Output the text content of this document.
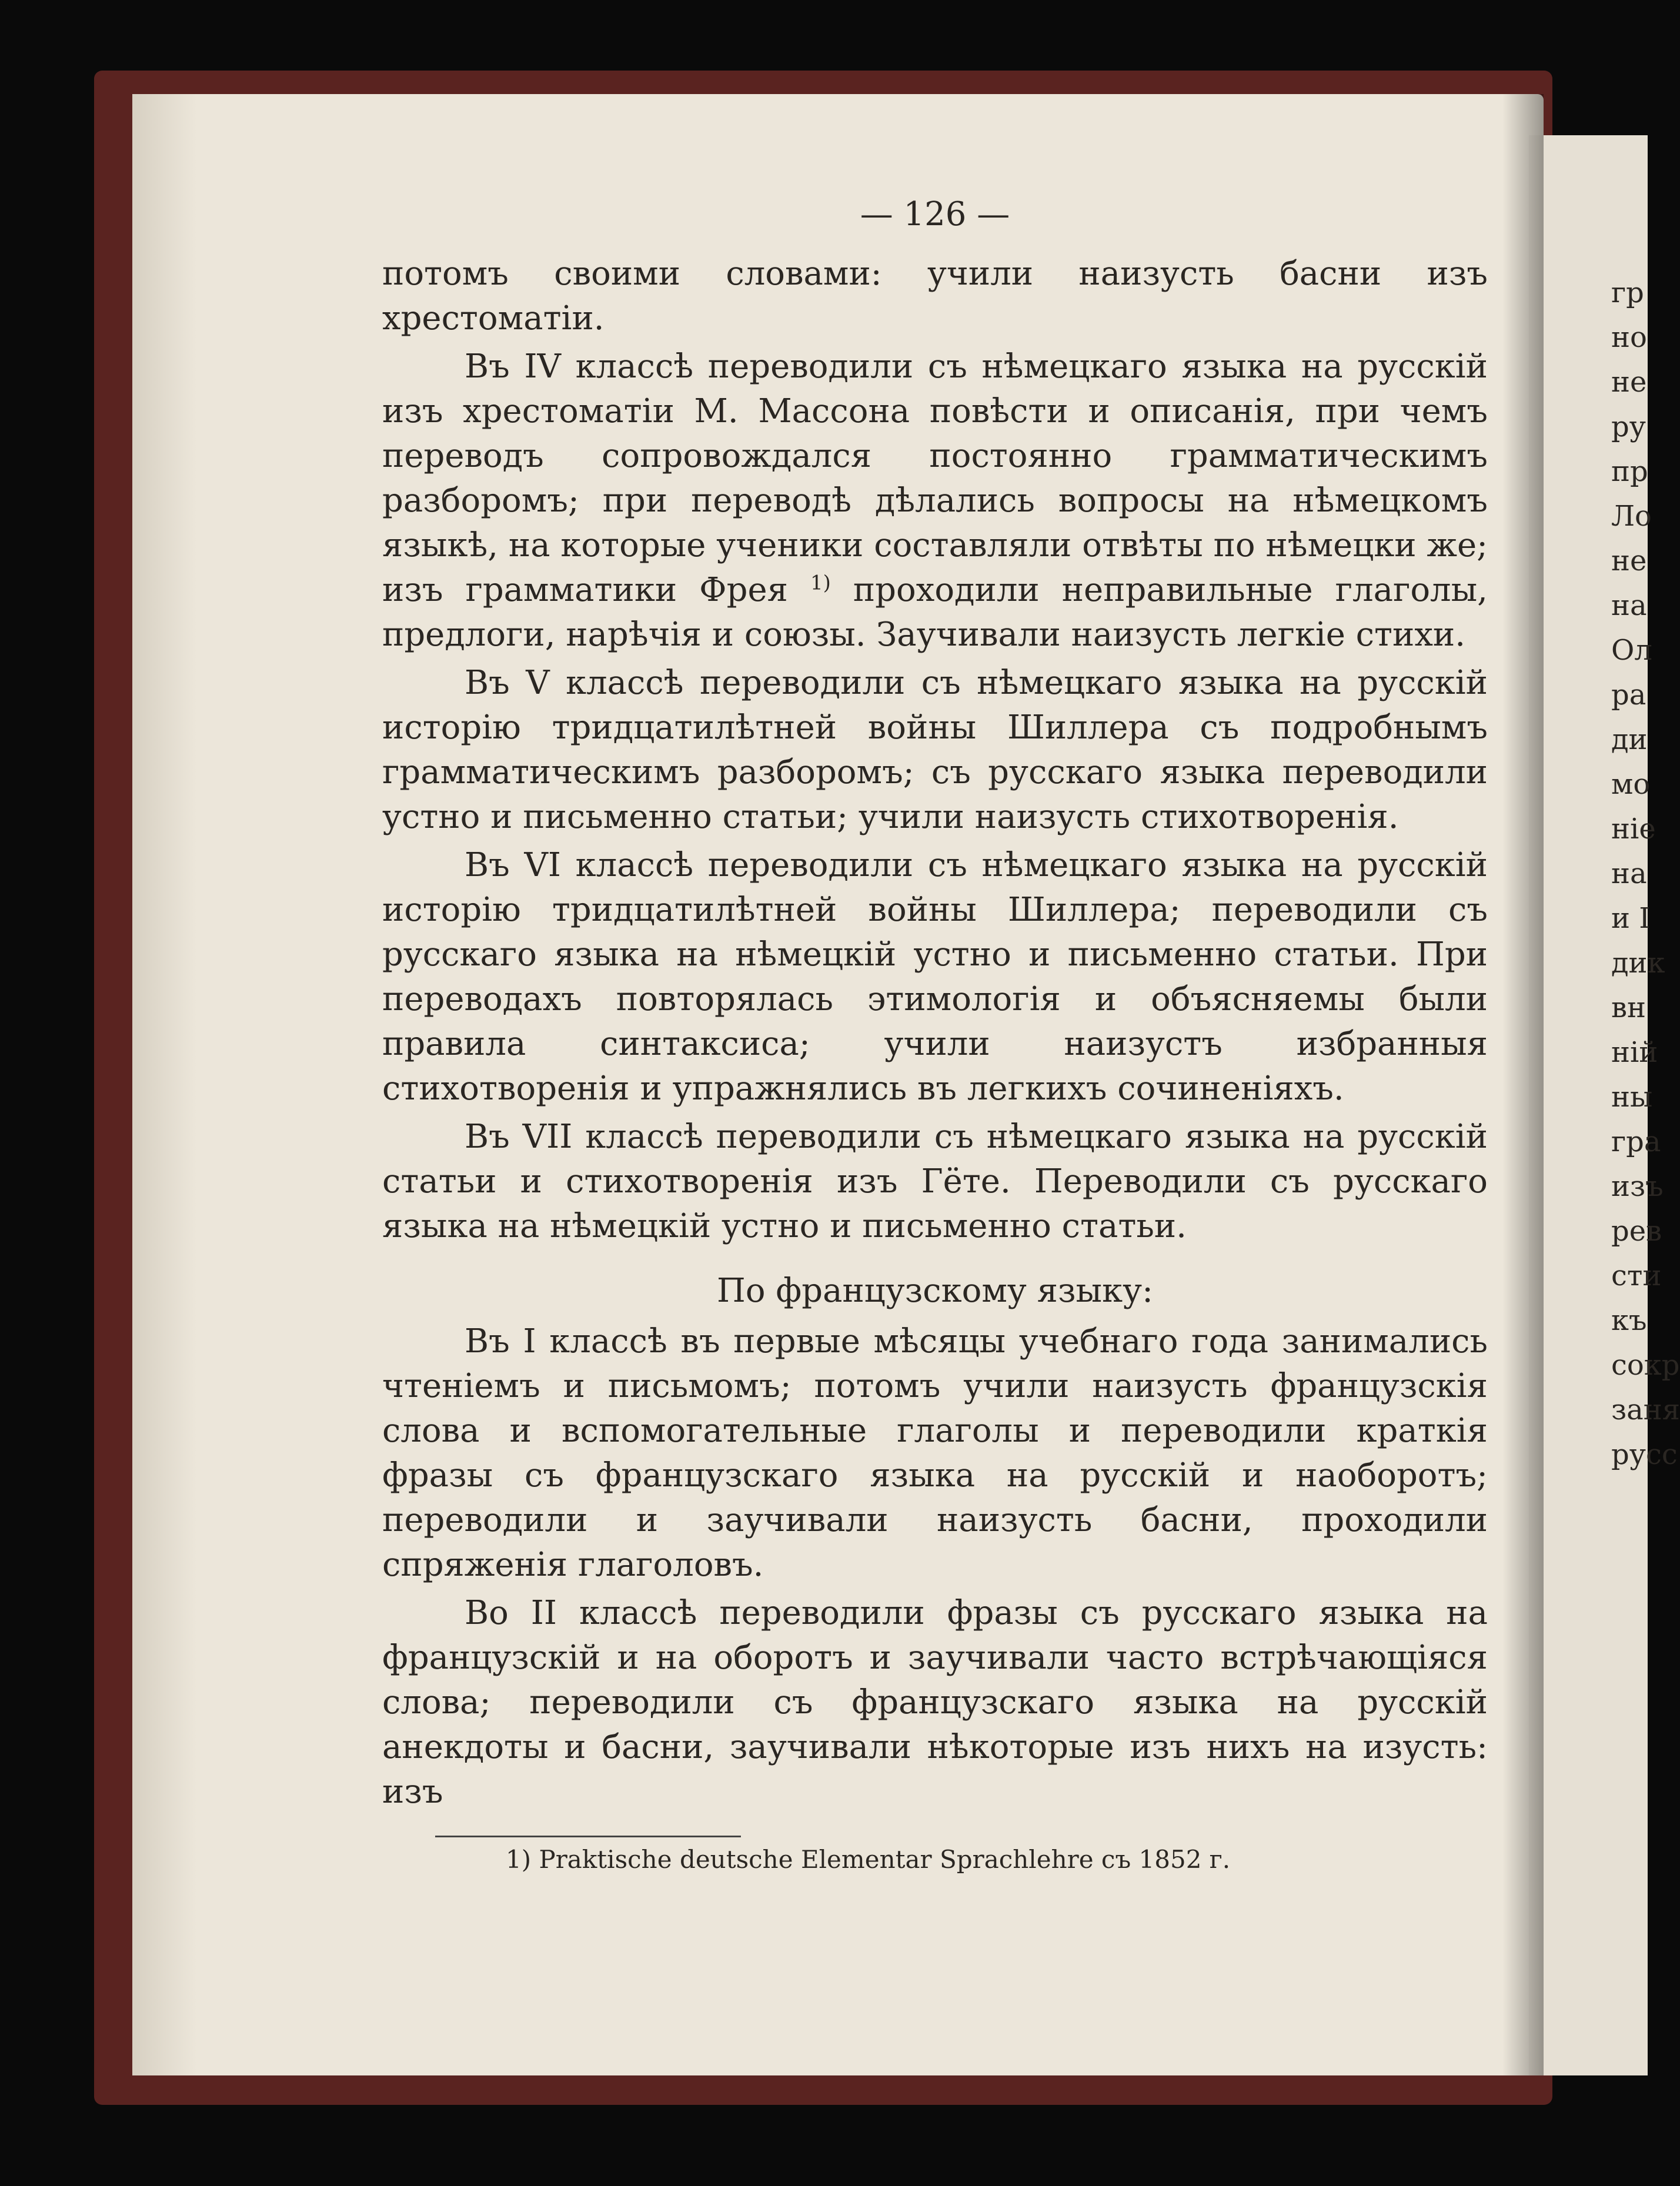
— 126 —

потомъ своими словами: учили наизусть басни изъ хрестоматіи.

Въ IV классѣ переводили съ нѣмецкаго языка на русскій изъ хрестоматіи М. Массона повѣсти и описанія, при чемъ переводъ сопровождался постоянно грамматическимъ разборомъ; при переводѣ дѣлались вопросы на нѣмецкомъ языкѣ, на которые ученики составляли отвѣты по нѣмецки же; изъ грамматики Фрея $^{1)}$ проходили неправильные глаголы, предлоги, нарѣчія и союзы. Заучивали наизусть легкіе стихи.

Въ V классѣ переводили съ нѣмецкаго языка на русскій исторію тридцатилѣтней войны Шиллера съ подробнымъ грамматическимъ разборомъ; съ русскаго языка переводили устно и письменно статьи; учили наизусть стихотворенія.

Въ VI классѣ переводили съ нѣмецкаго языка на русскій исторію тридцатилѣтней войны Шиллера; переводили съ русскаго языка на нѣмецкій устно и письменно статьи. При переводахъ повторялась этимологія и объясняемы были правила синтаксиса; учили наизустъ избранныя стихотворенія и упражнялись въ легкихъ сочиненіяхъ.

Въ VII классѣ переводили съ нѣмецкаго языка на русскій статьи и стихотворенія изъ Гёте. Переводили съ русскаго языка на нѣмецкій устно и письменно статьи.

По французскому языку:

Въ I классѣ въ первые мѣсяцы учебнаго года занимались чтеніемъ и письмомъ; потомъ учили наизусть французскія слова и вспомогательные глаголы и переводили краткія фразы съ французскаго языка на русскій и наоборотъ; переводили и заучивали наизусть басни, проходили спряженія глаголовъ.

Во II классѣ переводили фразы съ русскаго языка на французскій и на оборотъ и заучивали часто встрѣчающіяся слова; переводили съ французскаго языка на русскій анекдоты и басни, заучивали нѣкоторые изъ нихъ на изусть: изъ

1) Praktische deutsche Elementar Sprachlehre съ 1852 г.
гр
но
не
ру
пр
Ло
не
на
Ол
ра
ди
мо
ніе
на
и І
дик
вн
ній
ны
гра
изъ
рев
сти
къ
сокр
заня
русс
